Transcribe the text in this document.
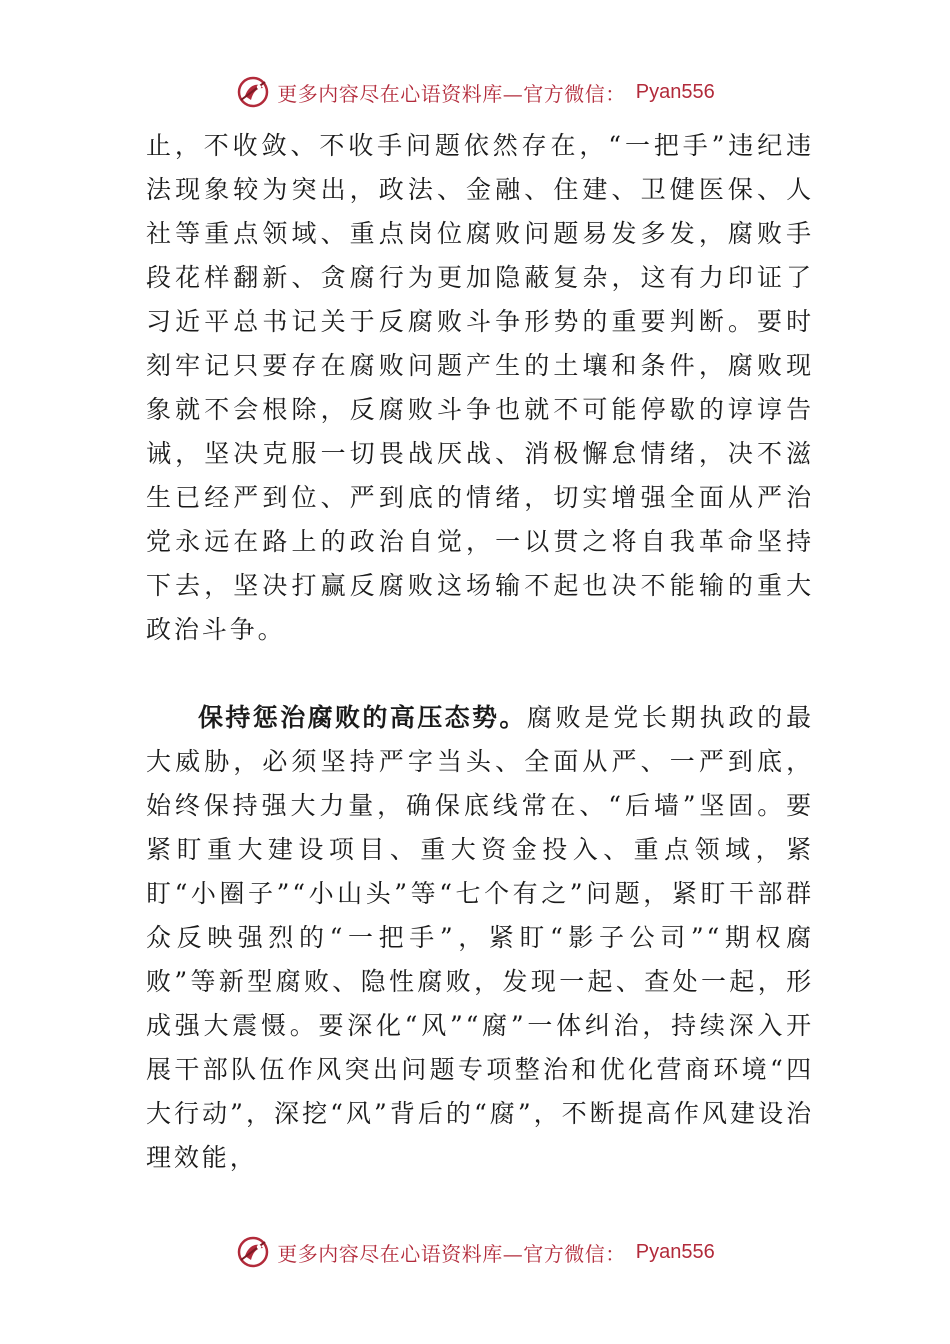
更多内容尽在心语资料库—官方微信： Pyan556

止，不收敛、不收手问题依然存在，“一把手”违纪违法现象较为突出，政法、金融、住建、卫健医保、人社等重点领域、重点岗位腐败问题易发多发，腐败手段花样翻新、贪腐行为更加隐蔽复杂，这有力印证了习近平总书记关于反腐败斗争形势的重要判断。要时刻牢记只要存在腐败问题产生的土壤和条件，腐败现象就不会根除，反腐败斗争也就不可能停歇的谆谆告诫，坚决克服一切畏战厌战、消极懈怠情绪，决不滋生已经严到位、严到底的情绪，切实增强全面从严治党永远在路上的政治自觉，一以贯之将自我革命坚持下去，坚决打赢反腐败这场输不起也决不能输的重大政治斗争。

保持惩治腐败的高压态势。腐败是党长期执政的最大威胁，必须坚持严字当头、全面从严、一严到底，始终保持强大力量，确保底线常在、“后墙”坚固。要紧盯重大建设项目、重大资金投入、重点领域，紧盯“小圈子”“小山头”等“七个有之”问题，紧盯干部群众反映强烈的“一把手”，紧盯“影子公司”“期权腐败”等新型腐败、隐性腐败，发现一起、查处一起，形成强大震慑。要深化“风”“腐”一体纠治，持续深入开展干部队伍作风突出问题专项整治和优化营商环境“四大行动”，深挖“风”背后的“腐”，不断提高作风建设治理效能，

更多内容尽在心语资料库—官方微信： Pyan556
